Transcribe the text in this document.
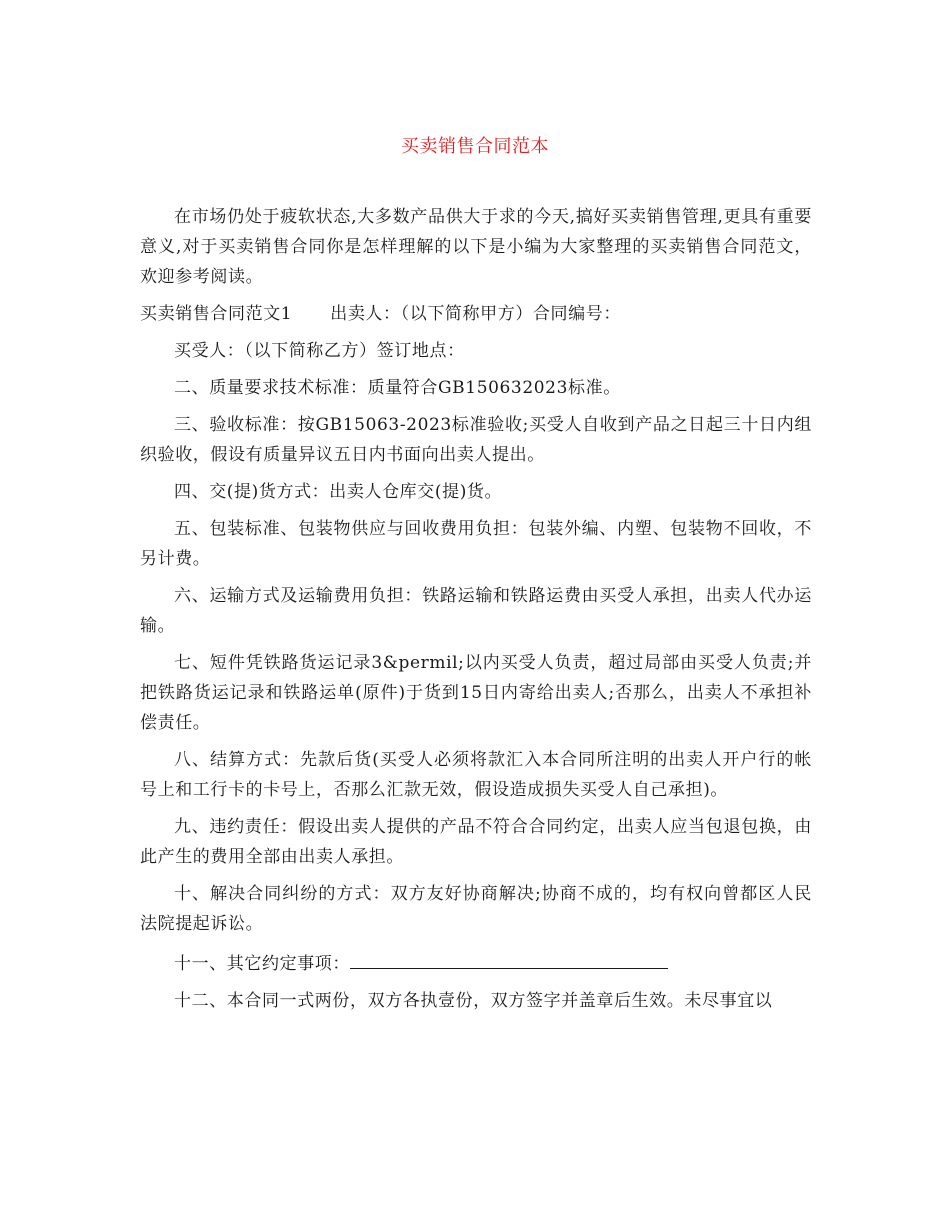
买卖销售合同范本

在市场仍处于疲软状态,大多数产品供大于求的今天,搞好买卖销售管理,更具有重要意义,对于买卖销售合同你是怎样理解的以下是小编为大家整理的买卖销售合同范文，欢迎参考阅读。

买卖销售合同范文1 出卖人：（以下简称甲方）合同编号：

买受人：（以下简称乙方）签订地点：

二、质量要求技术标准：质量符合GB150632023标准。

三、验收标准：按GB15063-2023标准验收;买受人自收到产品之日起三十日内组织验收，假设有质量异议五日内书面向出卖人提出。

四、交(提)货方式：出卖人仓库交(提)货。

五、包装标准、包装物供应与回收费用负担：包装外编、内塑、包装物不回收，不另计费。

六、运输方式及运输费用负担：铁路运输和铁路运费由买受人承担，出卖人代办运输。

七、短件凭铁路货运记录3&permil;以内买受人负责，超过局部由买受人负责;并把铁路货运记录和铁路运单(原件)于货到15日内寄给出卖人;否那么，出卖人不承担补偿责任。

八、结算方式：先款后货(买受人必须将款汇入本合同所注明的出卖人开户行的帐号上和工行卡的卡号上，否那么汇款无效，假设造成损失买受人自己承担)。

九、违约责任：假设出卖人提供的产品不符合合同约定，出卖人应当包退包换，由此产生的费用全部由出卖人承担。

十、解决合同纠纷的方式：双方友好协商解决;协商不成的，均有权向曾都区人民法院提起诉讼。

十一、其它约定事项：

十二、本合同一式两份，双方各执壹份，双方签字并盖章后生效。未尽事宜以
